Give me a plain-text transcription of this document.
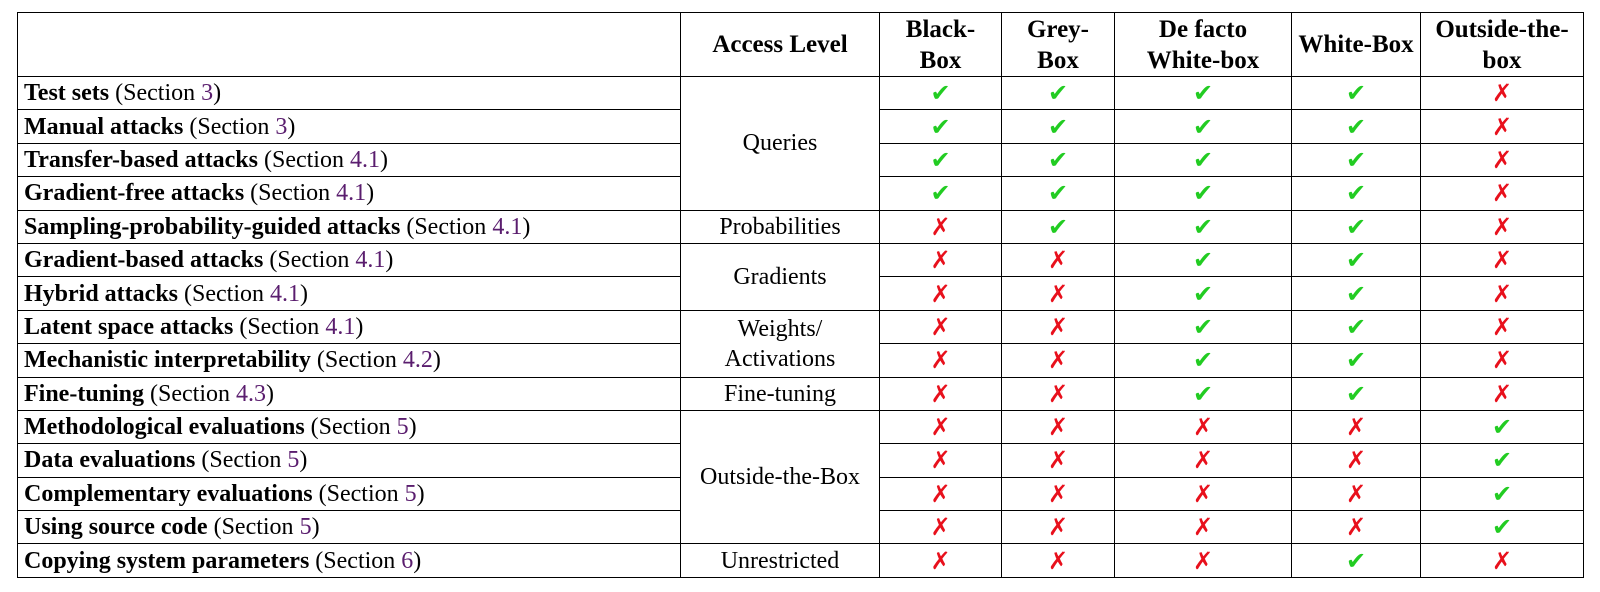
	Access Level	Black-Box	Grey-Box	De facto White-box	White-Box	Outside-the-box
Test sets (Section 3)	Queries	✔	✔	✔	✔	✗
Manual attacks (Section 3)		✔	✔	✔	✔	✗
Transfer-based attacks (Section 4.1)		✔	✔	✔	✔	✗
Gradient-free attacks (Section 4.1)		✔	✔	✔	✔	✗
Sampling-probability-guided attacks (Section 4.1)	Probabilities	✗	✔	✔	✔	✗
Gradient-based attacks (Section 4.1)	Gradients	✗	✗	✔	✔	✗
Hybrid attacks (Section 4.1)		✗	✗	✔	✔	✗
Latent space attacks (Section 4.1)	Weights/ Activations	✗	✗	✔	✔	✗
Mechanistic interpretability (Section 4.2)		✗	✗	✔	✔	✗
Fine-tuning (Section 4.3)	Fine-tuning	✗	✗	✔	✔	✗
Methodological evaluations (Section 5)	Outside-the-Box	✗	✗	✗	✗	✔
Data evaluations (Section 5)		✗	✗	✗	✗	✔
Complementary evaluations (Section 5)		✗	✗	✗	✗	✔
Using source code (Section 5)		✗	✗	✗	✗	✔
Copying system parameters (Section 6)	Unrestricted	✗	✗	✗	✔	✗
